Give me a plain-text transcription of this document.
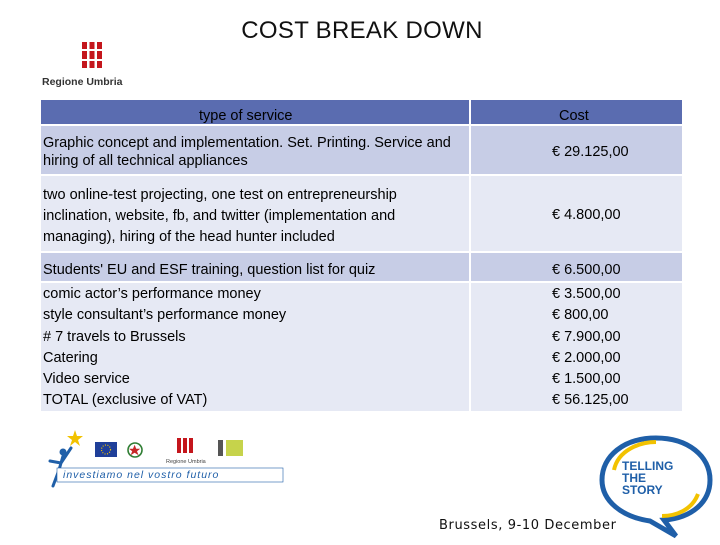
COST BREAK DOWN
Regione Umbria
type of service	Cost
Graphic concept and implementation. Set. Printing. Service and hiring of all technical appliances
€ 29.125,00
two online-test projecting, one test on entrepreneurship inclination, website, fb, and twitter (implementation and managing), hiring of the head hunter included
€ 4.800,00
Students' EU and ESF training, question list for quiz	€ 6.500,00
comic actor’s performance money
style consultant’s performance money
# 7 travels to Brussels
Catering
Video service
TOTAL (exclusive of VAT)
€ 3.500,00
€ 800,00
€ 7.900,00
€ 2.000,00
€ 1.500,00
€ 56.125,00
Regione Umbria
investiamo nel vostro futuro
TELLING
THE
STORY
Brussels, 9-10 December
